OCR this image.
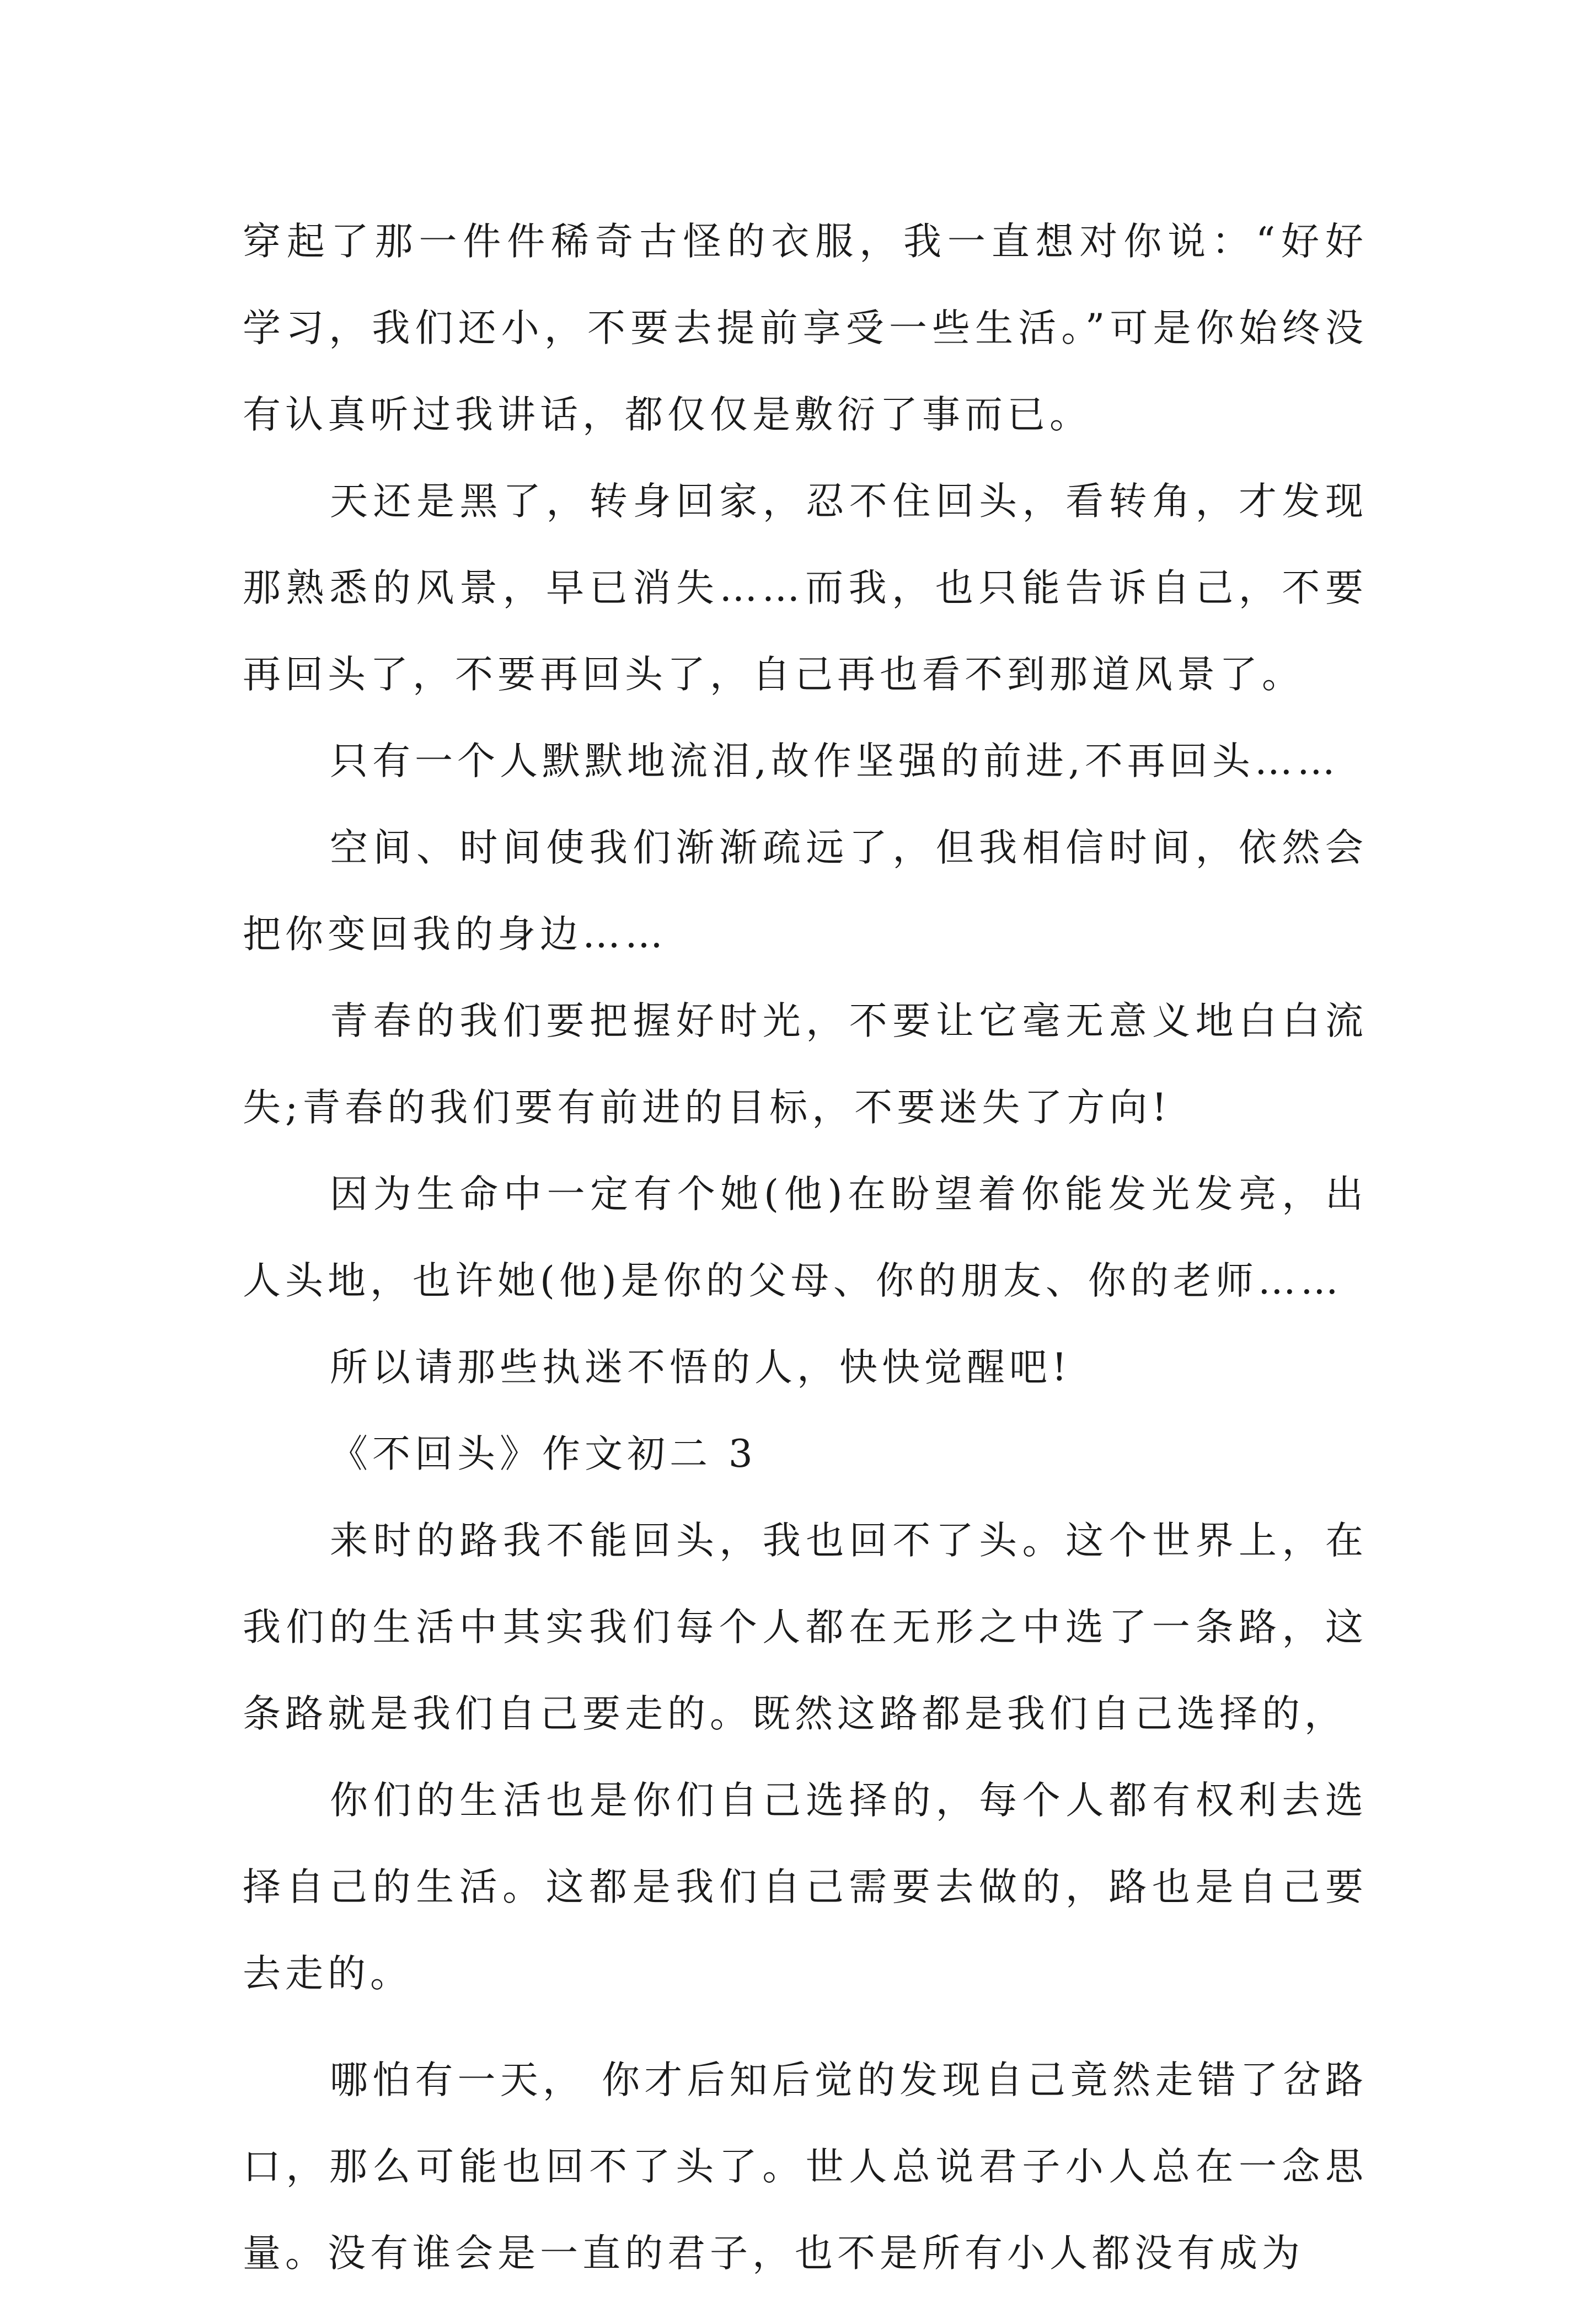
穿起了那一件件稀奇古怪的衣服，我一直想对你说：“好好学习，我们还小，不要去提前享受一些生活。”可是你始终没有认真听过我讲话，都仅仅是敷衍了事而已。

天还是黑了，转身回家，忍不住回头，看转角，才发现那熟悉的风景，早已消失……而我，也只能告诉自己，不要再回头了，不要再回头了，自己再也看不到那道风景了。

只有一个人默默地流泪,故作坚强的前进,不再回头……

空间、时间使我们渐渐疏远了，但我相信时间，依然会把你变回我的身边……

青春的我们要把握好时光，不要让它毫无意义地白白流失;青春的我们要有前进的目标，不要迷失了方向!

因为生命中一定有个她(他)在盼望着你能发光发亮，出人头地，也许她(他)是你的父母、你的朋友、你的老师……

所以请那些执迷不悟的人，快快觉醒吧!

《不回头》作文初二 3

来时的路我不能回头，我也回不了头。这个世界上，在我们的生活中其实我们每个人都在无形之中选了一条路，这条路就是我们自己要走的。既然这路都是我们自己选择的，

你们的生活也是你们自己选择的，每个人都有权利去选择自己的生活。这都是我们自己需要去做的，路也是自己要去走的。

哪怕有一天， 你才后知后觉的发现自己竟然走错了岔路口，那么可能也回不了头了。世人总说君子小人总在一念思量。没有谁会是一直的君子，也不是所有小人都没有成为
